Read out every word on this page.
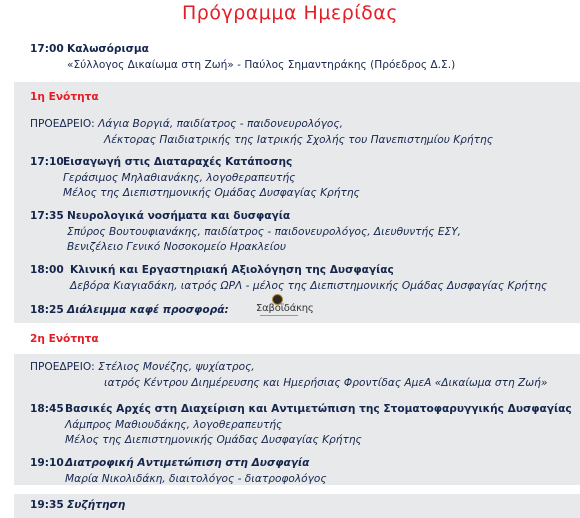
Πρόγραμμα Ημερίδας
17:00 Καλωσόρισμα
«Σύλλογος Δικαίωμα στη Ζωή» - Παύλος Σημαντηράκης (Πρόεδρος Δ.Σ.)
1η Ενότητα
ΠΡΟΕΔΡΕΙΟ: Λάγια Βοργιά, παιδίατρος - παιδονευρολόγος,
Λέκτορας Παιδιατρικής της Ιατρικής Σχολής του Πανεπιστημίου Κρήτης
17:10Εισαγωγή στις Διαταραχές Κατάποσης
Γεράσιμος Μηλαθιανάκης, λογοθεραπευτής
Μέλος της Διεπιστημονικής Ομάδας Δυσφαγίας Κρήτης
17:35 Νευρολογικά νοσήματα και δυσφαγία
Σπύρος Βουτουφιανάκης, παιδίατρος - παιδονευρολόγος, Διευθυντής ΕΣΥ,
Βενιζέλειο Γενικό Νοσοκομείο Ηρακλείου
18:00 Κλινική και Εργαστηριακή Αξιολόγηση της Δυσφαγίας
Δεβόρα Κιαγιαδάκη, ιατρός ΩΡΛ - μέλος της Διεπιστημονικής Ομάδας Δυσφαγίας Κρήτης
18:25 Διάλειμμα καφέ προσφορά:	Σαβοϊδάκης
2η Ενότητα
ΠΡΟΕΔΡΕΙΟ: Στέλιος Μονέζης, ψυχίατρος,
ιατρός Κέντρου Διημέρευσης και Ημερήσιας Φροντίδας ΑμεΑ «Δικαίωμα στη Ζωή»
18:45Βασικές Αρχές στη Διαχείριση και Αντιμετώπιση της Στοματοφαρυγγικής Δυσφαγίας
Λάμπρος Μαθιουδάκης, λογοθεραπευτής
Μέλος της Διεπιστημονικής Ομάδας Δυσφαγίας Κρήτης
19:10Διατροφική Αντιμετώπιση στη Δυσφαγία
Μαρία Νικολιδάκη, διαιτολόγος - διατροφολόγος
19:35 Συζήτηση
